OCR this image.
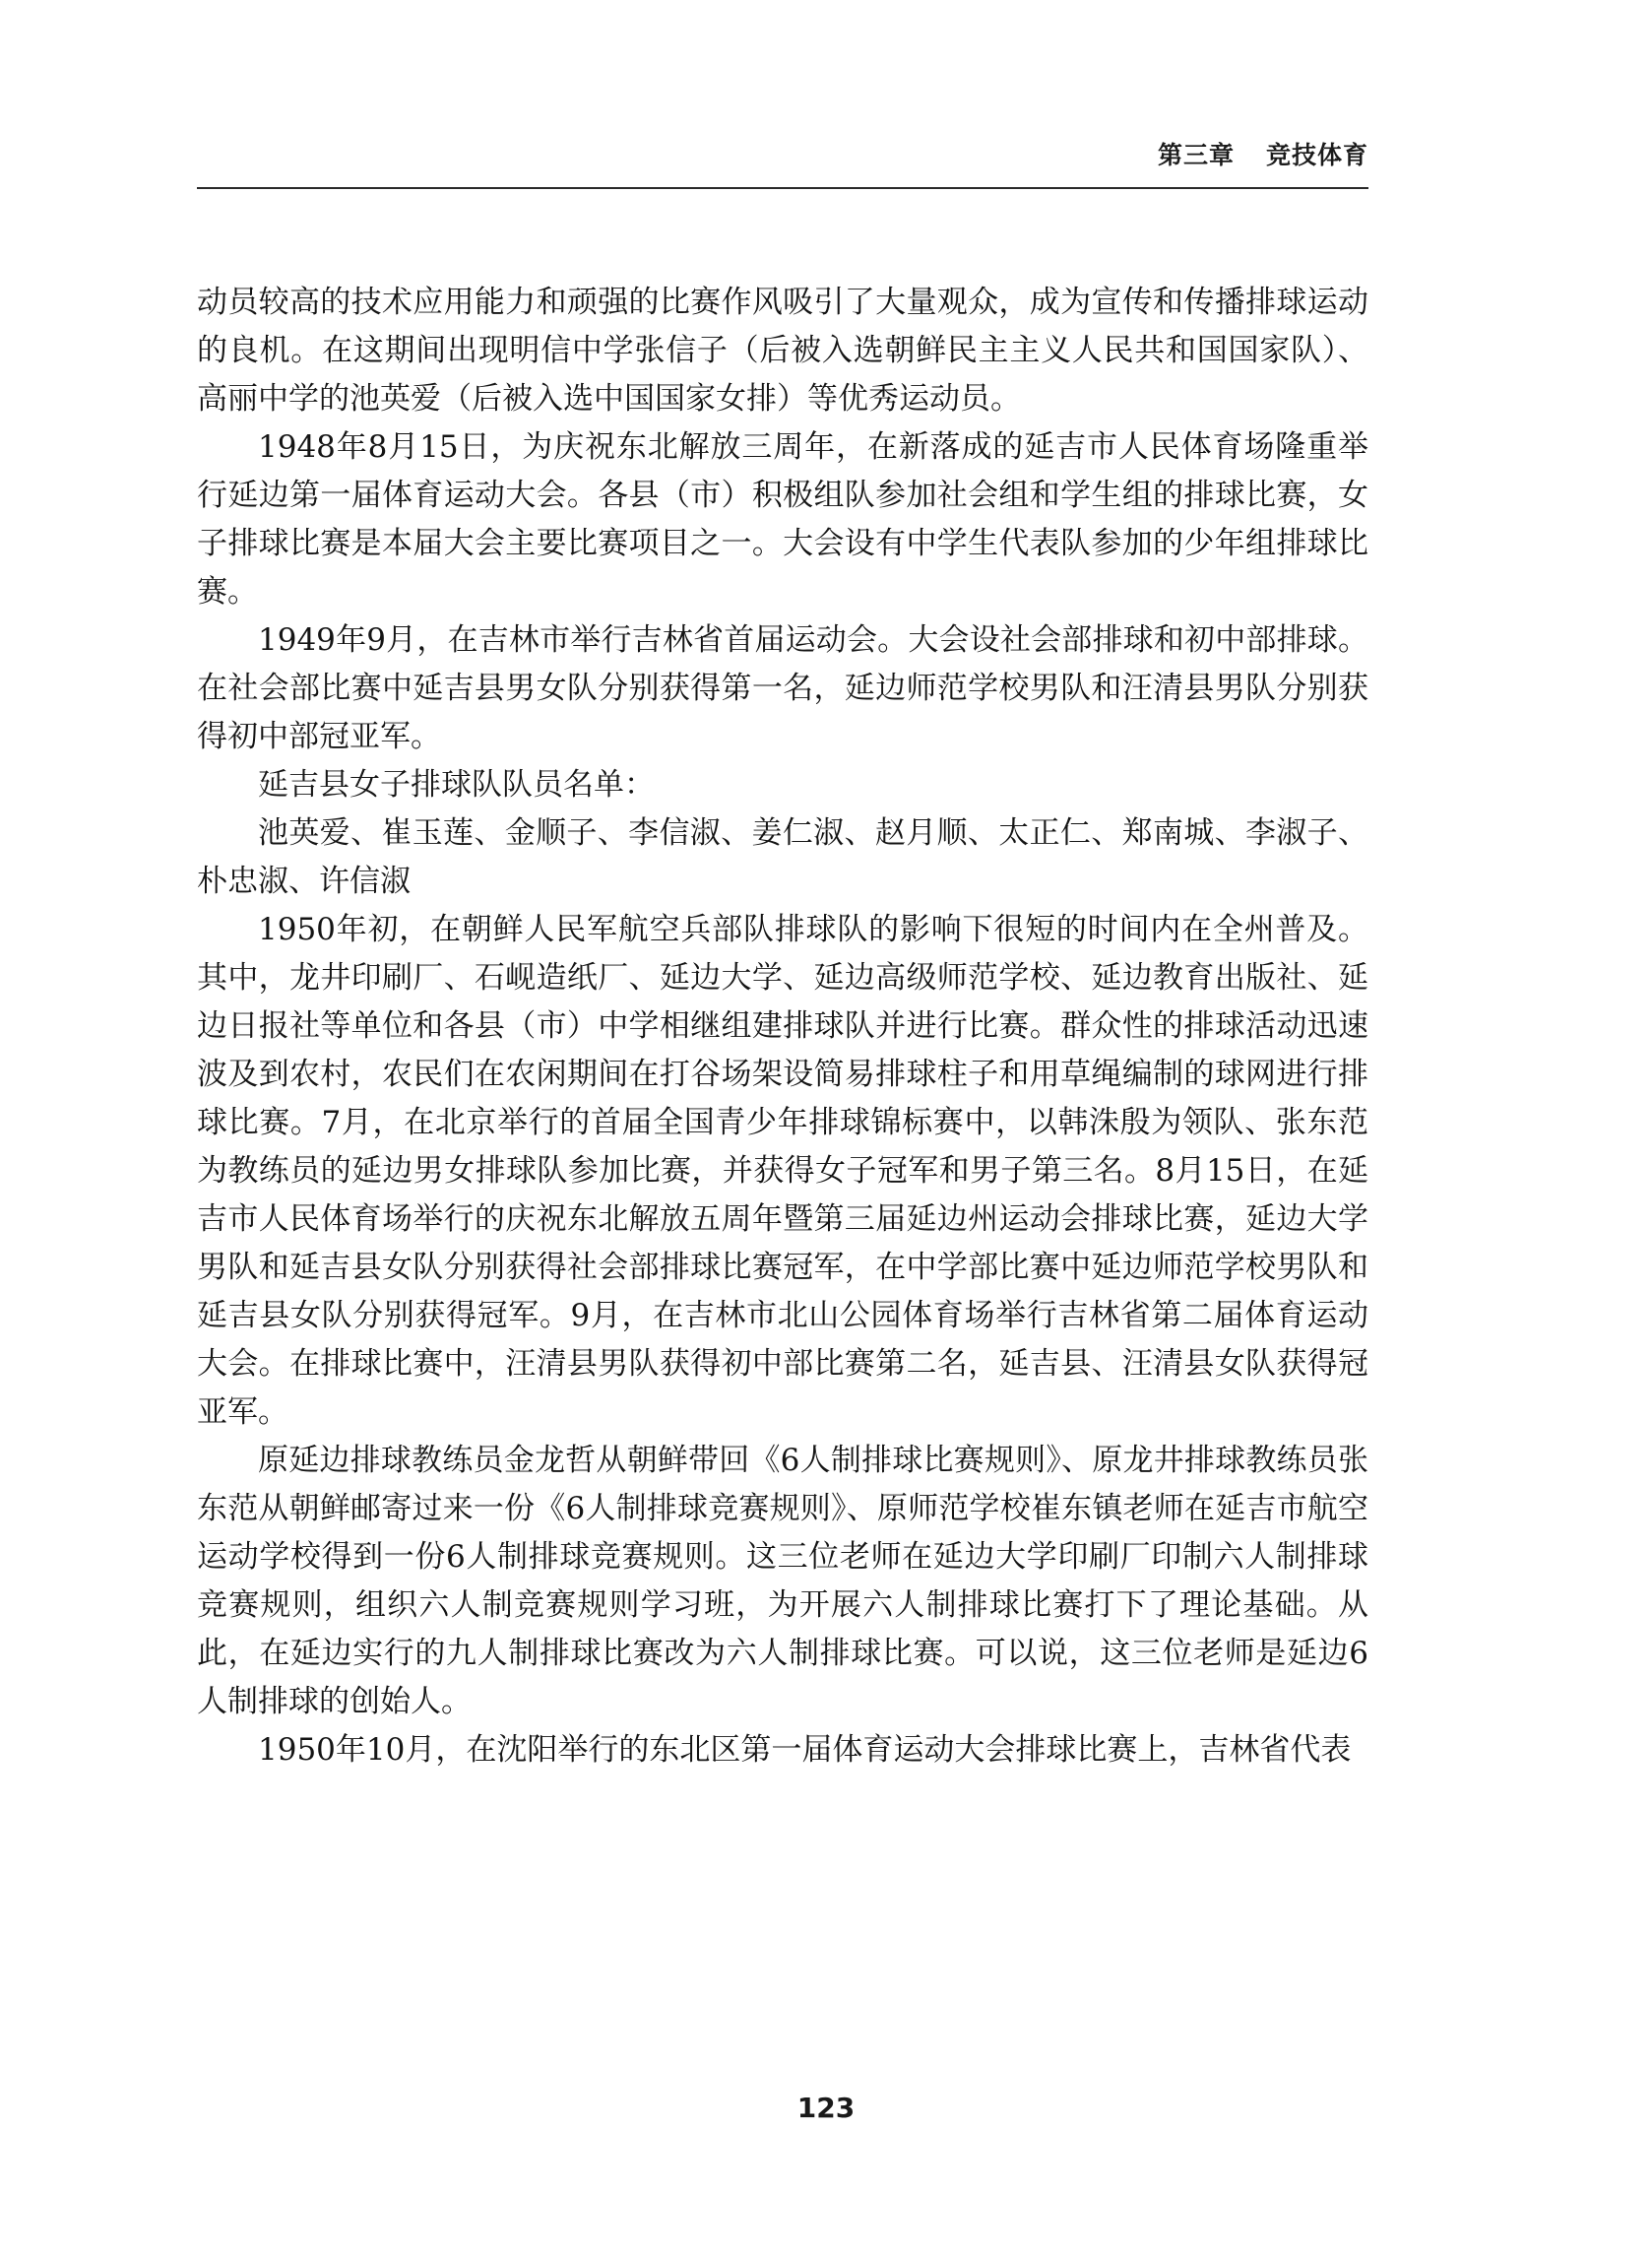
第三章 竞技体育

动员较高的技术应用能力和顽强的比赛作风吸引了大量观众，成为宣传和传播排球运动的良机。在这期间出现明信中学张信子（后被入选朝鲜民主主义人民共和国国家队）、高丽中学的池英爱（后被入选中国国家女排）等优秀运动员。

1948年8月15日，为庆祝东北解放三周年，在新落成的延吉市人民体育场隆重举行延边第一届体育运动大会。各县（市）积极组队参加社会组和学生组的排球比赛，女子排球比赛是本届大会主要比赛项目之一。大会设有中学生代表队参加的少年组排球比赛。

1949年9月，在吉林市举行吉林省首届运动会。大会设社会部排球和初中部排球。在社会部比赛中延吉县男女队分别获得第一名，延边师范学校男队和汪清县男队分别获得初中部冠亚军。

延吉县女子排球队队员名单：

池英爱、崔玉莲、金顺子、李信淑、姜仁淑、赵月顺、太正仁、郑南城、李淑子、朴忠淑、许信淑

1950年初，在朝鲜人民军航空兵部队排球队的影响下很短的时间内在全州普及。其中，龙井印刷厂、石岘造纸厂、延边大学、延边高级师范学校、延边教育出版社、延边日报社等单位和各县（市）中学相继组建排球队并进行比赛。群众性的排球活动迅速波及到农村，农民们在农闲期间在打谷场架设简易排球柱子和用草绳编制的球网进行排球比赛。7月，在北京举行的首届全国青少年排球锦标赛中，以韩洙殷为领队、张东范为教练员的延边男女排球队参加比赛，并获得女子冠军和男子第三名。8月15日，在延吉市人民体育场举行的庆祝东北解放五周年暨第三届延边州运动会排球比赛，延边大学男队和延吉县女队分别获得社会部排球比赛冠军，在中学部比赛中延边师范学校男队和延吉县女队分别获得冠军。9月，在吉林市北山公园体育场举行吉林省第二届体育运动大会。在排球比赛中，汪清县男队获得初中部比赛第二名，延吉县、汪清县女队获得冠亚军。

原延边排球教练员金龙哲从朝鲜带回《6人制排球比赛规则》、原龙井排球教练员张东范从朝鲜邮寄过来一份《6人制排球竞赛规则》、原师范学校崔东镇老师在延吉市航空运动学校得到一份6人制排球竞赛规则。这三位老师在延边大学印刷厂印制六人制排球竞赛规则，组织六人制竞赛规则学习班，为开展六人制排球比赛打下了理论基础。从此，在延边实行的九人制排球比赛改为六人制排球比赛。可以说，这三位老师是延边6人制排球的创始人。

1950年10月，在沈阳举行的东北区第一届体育运动大会排球比赛上，吉林省代表

123
